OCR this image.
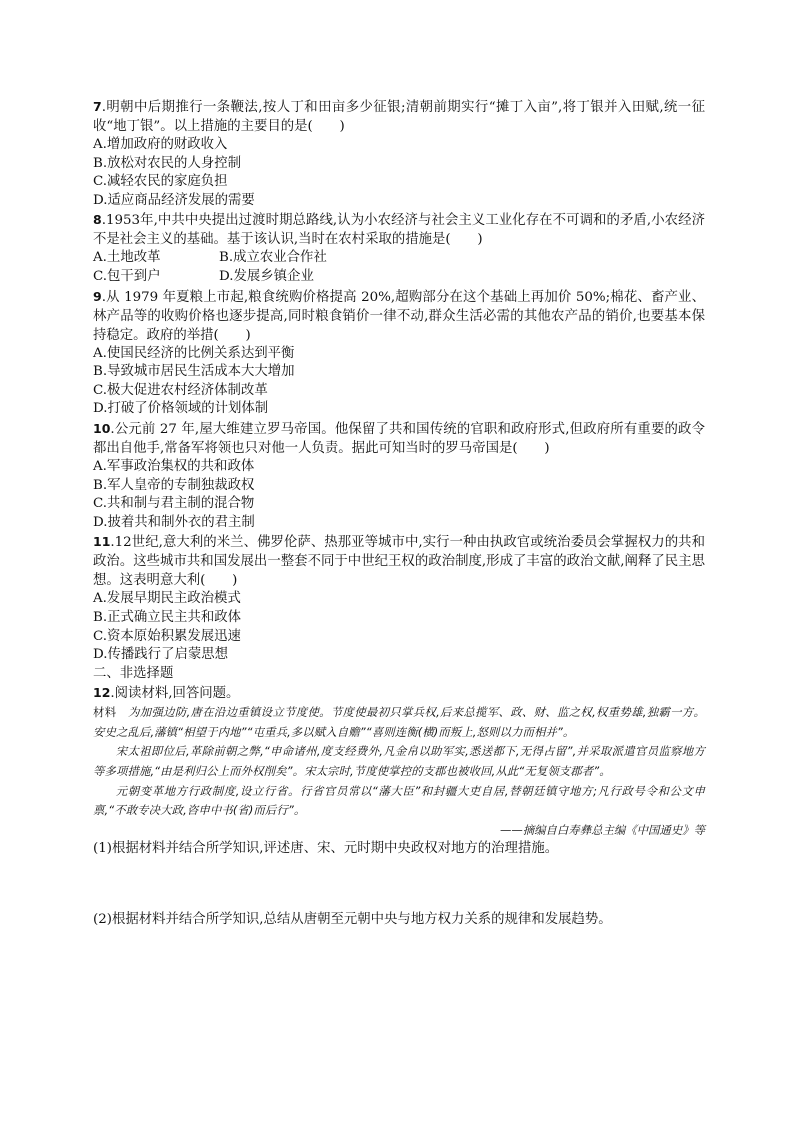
7.明朝中后期推行一条鞭法,按人丁和田亩多少征银;清朝前期实行“摊丁入亩”,将丁银并入田赋,统一征收“地丁银”。以上措施的主要目的是(　　)

A.增加政府的财政收入

B.放松对农民的人身控制

C.减轻农民的家庭负担

D.适应商品经济发展的需要

8.1953年,中共中央提出过渡时期总路线,认为小农经济与社会主义工业化存在不可调和的矛盾,小农经济不是社会主义的基础。基于该认识,当时在农村采取的措施是(　　)

A.土地改革	B.成立农业合作社

C.包干到户	D.发展乡镇企业

9.从 1979 年夏粮上市起,粮食统购价格提高 20%,超购部分在这个基础上再加价 50%;棉花、畜产业、林产品等的收购价格也逐步提高,同时粮食销价一律不动,群众生活必需的其他农产品的销价,也要基本保持稳定。政府的举措(　　)

A.使国民经济的比例关系达到平衡

B.导致城市居民生活成本大大增加

C.极大促进农村经济体制改革

D.打破了价格领域的计划体制

10.公元前 27 年,屋大维建立罗马帝国。他保留了共和国传统的官职和政府形式,但政府所有重要的政令都出自他手,常备军将领也只对他一人负责。据此可知当时的罗马帝国是(　　)

A.军事政治集权的共和政体

B.军人皇帝的专制独裁政权

C.共和制与君主制的混合物

D.披着共和制外衣的君主制

11.12世纪,意大利的米兰、佛罗伦萨、热那亚等城市中,实行一种由执政官或统治委员会掌握权力的共和政治。这些城市共和国发展出一整套不同于中世纪王权的政治制度,形成了丰富的政治文献,阐释了民主思想。这表明意大利(　　)

A.发展早期民主政治模式

B.正式确立民主共和政体

C.资本原始积累发展迅速

D.传播践行了启蒙思想

二、非选择题

12.阅读材料,回答问题。

材料　为加强边防,唐在沿边重镇设立节度使。节度使最初只掌兵权,后来总揽军、政、财、监之权,权重势雄,独霸一方。安史之乱后,藩镇“相望于内地”“屯重兵,多以赋入自赡”“喜则连衡(横)而叛上,怒则以力而相并”。

宋太祖即位后,革除前朝之弊,“申命诸州,度支经费外,凡金帛以助军实,悉送都下,无得占留”,并采取派遣官员监察地方等多项措施,“由是利归公上而外权削矣”。宋太宗时,节度使掌控的支郡也被收回,从此“无复领支郡者”。

元朝变革地方行政制度,设立行省。行省官员常以“藩大臣”和封疆大吏自居,替朝廷镇守地方;凡行政号令和公文申禀,“不敢专决大政,咨申中书(省)而后行”。

——摘编自白寿彝总主编《中国通史》等

(1)根据材料并结合所学知识,评述唐、宋、元时期中央政权对地方的治理措施。

(2)根据材料并结合所学知识,总结从唐朝至元朝中央与地方权力关系的规律和发展趋势。
